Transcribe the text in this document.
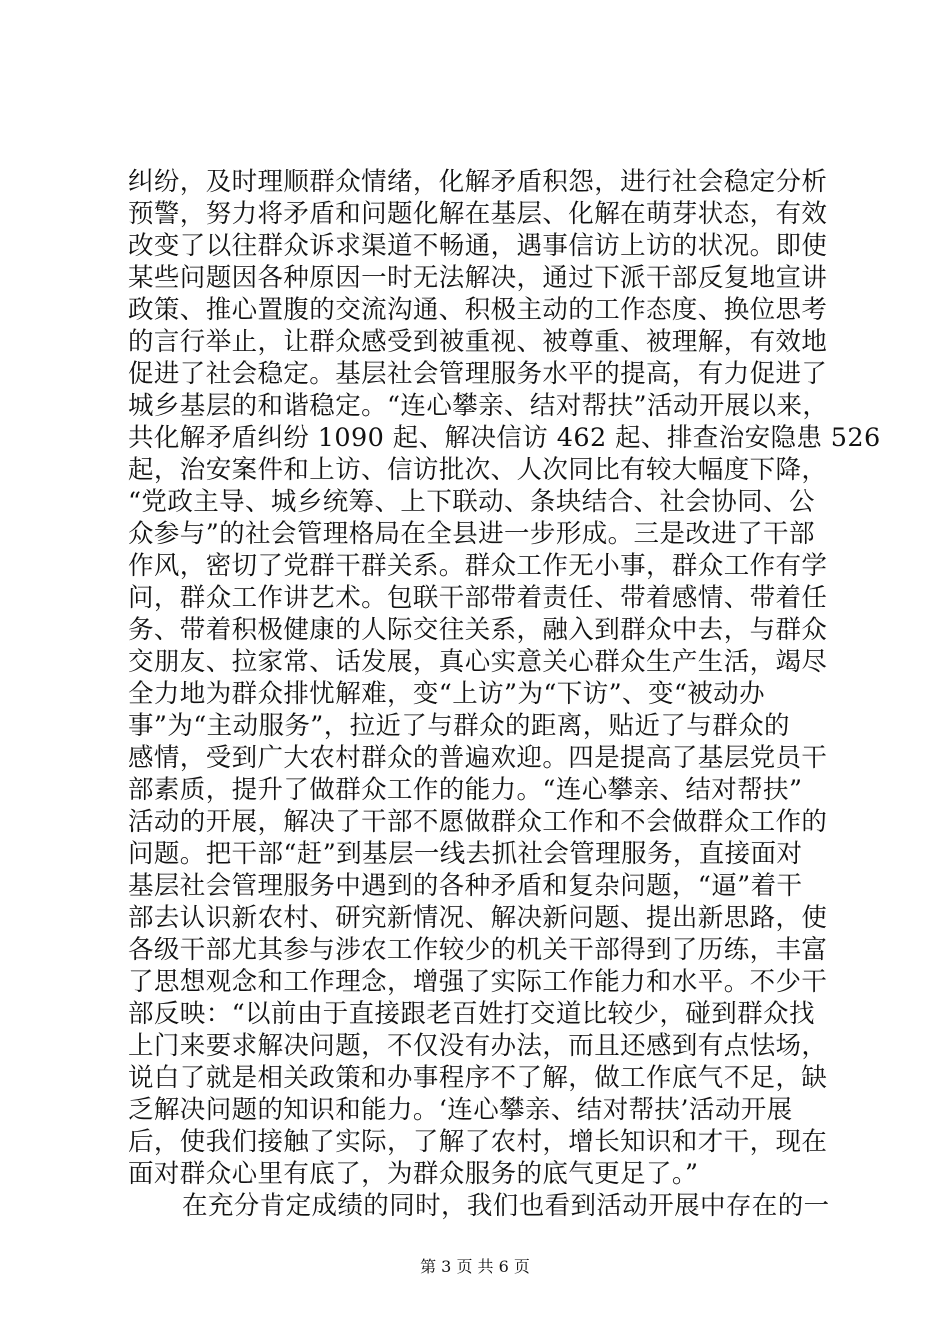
纠纷，及时理顺群众情绪，化解矛盾积怨，进行社会稳定分析
预警，努力将矛盾和问题化解在基层、化解在萌芽状态，有效
改变了以往群众诉求渠道不畅通，遇事信访上访的状况。即使
某些问题因各种原因一时无法解决，通过下派干部反复地宣讲
政策、推心置腹的交流沟通、积极主动的工作态度、换位思考
的言行举止，让群众感受到被重视、被尊重、被理解，有效地
促进了社会稳定。基层社会管理服务水平的提高，有力促进了
城乡基层的和谐稳定。“连心攀亲、结对帮扶”活动开展以来，
共化解矛盾纠纷 1090 起、解决信访 462 起、排查治安隐患 526
起，治安案件和上访、信访批次、人次同比有较大幅度下降，
“党政主导、城乡统筹、上下联动、条块结合、社会协同、公
众参与”的社会管理格局在全县进一步形成。三是改进了干部
作风，密切了党群干群关系。群众工作无小事，群众工作有学
问，群众工作讲艺术。包联干部带着责任、带着感情、带着任
务、带着积极健康的人际交往关系，融入到群众中去，与群众
交朋友、拉家常、话发展，真心实意关心群众生产生活，竭尽
全力地为群众排忧解难，变“上访”为“下访”、变“被动办
事”为“主动服务”，拉近了与群众的距离，贴近了与群众的
感情，受到广大农村群众的普遍欢迎。四是提高了基层党员干
部素质，提升了做群众工作的能力。“连心攀亲、结对帮扶”
活动的开展，解决了干部不愿做群众工作和不会做群众工作的
问题。把干部“赶”到基层一线去抓社会管理服务，直接面对
基层社会管理服务中遇到的各种矛盾和复杂问题，“逼”着干
部去认识新农村、研究新情况、解决新问题、提出新思路，使
各级干部尤其参与涉农工作较少的机关干部得到了历练，丰富
了思想观念和工作理念，增强了实际工作能力和水平。不少干
部反映：“以前由于直接跟老百姓打交道比较少，碰到群众找
上门来要求解决问题，不仅没有办法，而且还感到有点怯场，
说白了就是相关政策和办事程序不了解，做工作底气不足，缺
乏解决问题的知识和能力。‘连心攀亲、结对帮扶’活动开展
后，使我们接触了实际，了解了农村，增长知识和才干，现在
面对群众心里有底了，为群众服务的底气更足了。”
在充分肯定成绩的同时，我们也看到活动开展中存在的一
第 3 页 共 6 页
